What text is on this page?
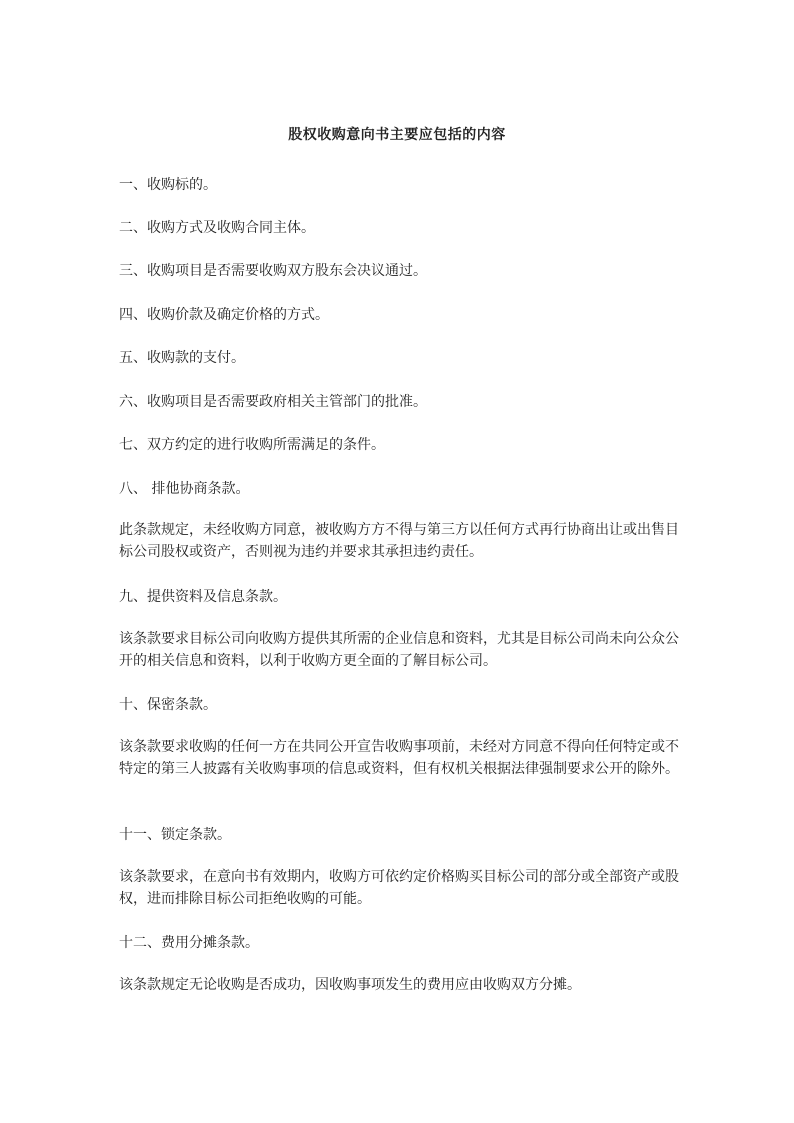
股权收购意向书主要应包括的内容

一、收购标的。

二、收购方式及收购合同主体。

三、收购项目是否需要收购双方股东会决议通过。

四、收购价款及确定价格的方式。

五、收购款的支付。

六、收购项目是否需要政府相关主管部门的批准。

七、双方约定的进行收购所需满足的条件。

八、 排他协商条款。

此条款规定，未经收购方同意，被收购方方不得与第三方以任何方式再行协商出让或出售目标公司股权或资产，否则视为违约并要求其承担违约责任。

九、提供资料及信息条款。

该条款要求目标公司向收购方提供其所需的企业信息和资料，尤其是目标公司尚未向公众公开的相关信息和资料，以利于收购方更全面的了解目标公司。

十、保密条款。

该条款要求收购的任何一方在共同公开宣告收购事项前，未经对方同意不得向任何特定或不特定的第三人披露有关收购事项的信息或资料，但有权机关根据法律强制要求公开的除外。

十一、锁定条款。

该条款要求，在意向书有效期内，收购方可依约定价格购买目标公司的部分或全部资产或股权，进而排除目标公司拒绝收购的可能。

十二、费用分摊条款。

该条款规定无论收购是否成功，因收购事项发生的费用应由收购双方分摊。
